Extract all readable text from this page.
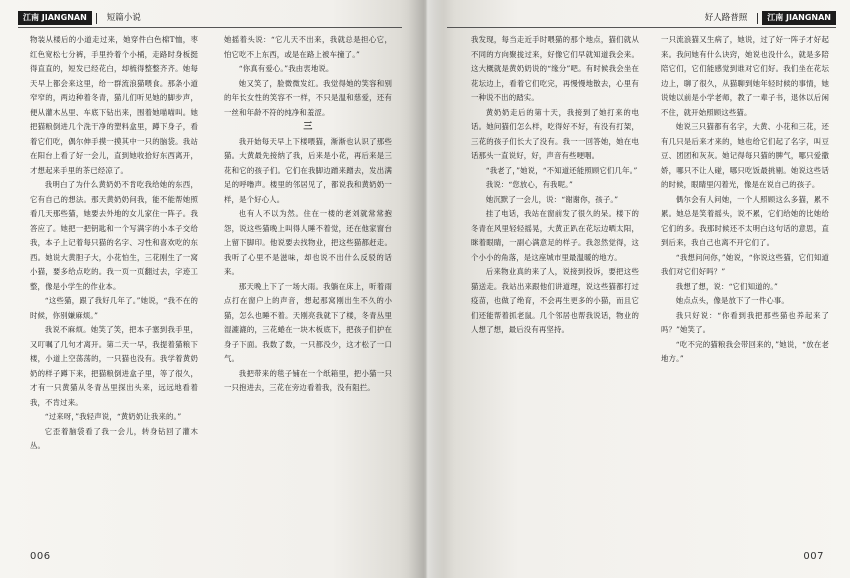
江南 JIANGNAN	短篇小说

物装从楼后的小道走过来，她穿件白色棉T恤，枣红色宽松七分裤，手里拎着个小桶，走路时身板挺得直直的，短发已经花白，却梳得整整齐齐。她每天早上都会来这里，给一群流浪猫喂食。那条小道窄窄的，两边种着冬青，猫儿们听见她的脚步声，便从灌木丛里、车底下钻出来，围着她喵喵叫。她把猫粮倒进几个洗干净的塑料盒里，蹲下身子，看着它们吃，偶尔伸手摸一摸其中一只的脑袋。我站在阳台上看了好一会儿，直到她收拾好东西离开，才想起来手里的茶已经凉了。

我明白了为什么黄奶奶不肯吃我给她的东西，它有自己的想法。那天黄奶奶问我，能不能帮她照看几天那些猫，她要去外地的女儿家住一阵子。我答应了。她把一把钥匙和一个写满字的小本子交给我，本子上记着每只猫的名字、习性和喜欢吃的东西。她说大黄胆子大，小花怕生，三花刚生了一窝小猫，要多给点吃的。我一页一页翻过去，字迹工整，像是小学生的作业本。

“这些猫，跟了我好几年了。”她说，“我不在的时候，你别嫌麻烦。”

我说不麻烦。她笑了笑，把本子塞到我手里，又叮嘱了几句才离开。第二天一早，我提着猫粮下楼，小道上空荡荡的，一只猫也没有。我学着黄奶奶的样子蹲下来，把猫粮倒进盒子里，等了很久，才有一只黄猫从冬青丛里探出头来，远远地看着我，不肯过来。

“过来呀，”我轻声说，“黄奶奶让我来的。”

它歪着脑袋看了我一会儿，转身钻回了灌木丛。

她摇着头说：“它儿天不出来，我就总是担心它，怕它吃不上东西，或是在路上被车撞了。”

“你真有爱心。”我由衷地说。

她又笑了，脸微微发红。我觉得她的笑容和别的年长女性的笑容不一样，不只是温和慈爱，还有一丝和年龄不符的纯净和羞涩。

三

我开始每天早上下楼喂猫，渐渐也认识了那些猫。大黄最先接纳了我，后来是小花，再后来是三花和它的孩子们。它们在我脚边蹭来蹭去，发出满足的呼噜声。楼里的邻居见了，都说我和黄奶奶一样，是个好心人。

也有人不以为然。住在一楼的老刘就常常抱怨，说这些猫晚上叫得人睡不着觉，还在他家窗台上留下脚印。他说要去找物业，把这些猫都赶走。我听了心里不是滋味，却也说不出什么反驳的话来。

那天晚上下了一场大雨。我躺在床上，听着雨点打在窗户上的声音，想起那窝刚出生不久的小猫，怎么也睡不着。天刚亮我就下了楼，冬青丛里湿漉漉的，三花蜷在一块木板底下，把孩子们护在身子下面。我数了数，一只都没少，这才松了一口气。

我把带来的毯子铺在一个纸箱里，把小猫一只一只抱进去，三花在旁边看着我，没有阻拦。

006
好人路普照	江南 JIANGNAN

我发现，每当走近手时喂猫的那个地点，猫们就从不同的方向聚拢过来，好像它们早就知道我会来。这大概就是黄奶奶说的“缘分”吧。有时候我会坐在花坛边上，看着它们吃完，再慢慢地散去，心里有一种说不出的踏实。

黄奶奶走后的第十天，我接到了她打来的电话。她问猫们怎么样，吃得好不好，有没有打架，三花的孩子们长大了没有。我一一回答她，她在电话那头一直说好，好，声音有些哽咽。

“我老了，”她说，“不知道还能照顾它们几年。”

我说：“您放心，有我呢。”

她沉默了一会儿，说：“谢谢你，孩子。”

挂了电话，我站在窗前发了很久的呆。楼下的冬青在风里轻轻摇晃，大黄正趴在花坛边晒太阳，眯着眼睛，一副心满意足的样子。我忽然觉得，这个小小的角落，是这座城市里最温暖的地方。

后来物业真的来了人，说接到投诉，要把这些猫送走。我站出来跟他们讲道理，说这些猫都打过疫苗，也做了绝育，不会再生更多的小猫，而且它们还能帮着抓老鼠。几个邻居也帮我说话，物业的人想了想，最后没有再坚持。

一只流浪猫又生病了，她说，过了好一阵子才好起来。我问她有什么诀窍，她说也没什么，就是多陪陪它们，它们能感觉到谁对它们好。我们坐在花坛边上，聊了很久，从猫聊到她年轻时候的事情，她说她以前是小学老师，教了一辈子书，退休以后闲不住，就开始照顾这些猫。

她说三只猫都有名字，大黄、小花和三花，还有几只是后来才来的，她也给它们起了名字，叫豆豆、团团和灰灰。她记得每只猫的脾气，哪只爱撒娇，哪只不让人碰，哪只吃饭最挑剔。她说这些话的时候，眼睛里闪着光，像是在说自己的孩子。

偶尔会有人问她，一个人照顾这么多猫，累不累。她总是笑着摇头，说不累，它们给她的比她给它们的多。我那时候还不太明白这句话的意思，直到后来，我自己也离不开它们了。

“我想问问你，”她说，“你说这些猫，它们知道我们对它们好吗？”

我想了想，说：“它们知道的。”

她点点头，像是放下了一件心事。

我只好说：“你看到我把那些猫也养起来了吗？”她笑了。

“吃不完的猫粮我会带回来的，”她说，“放在老地方。”

007
